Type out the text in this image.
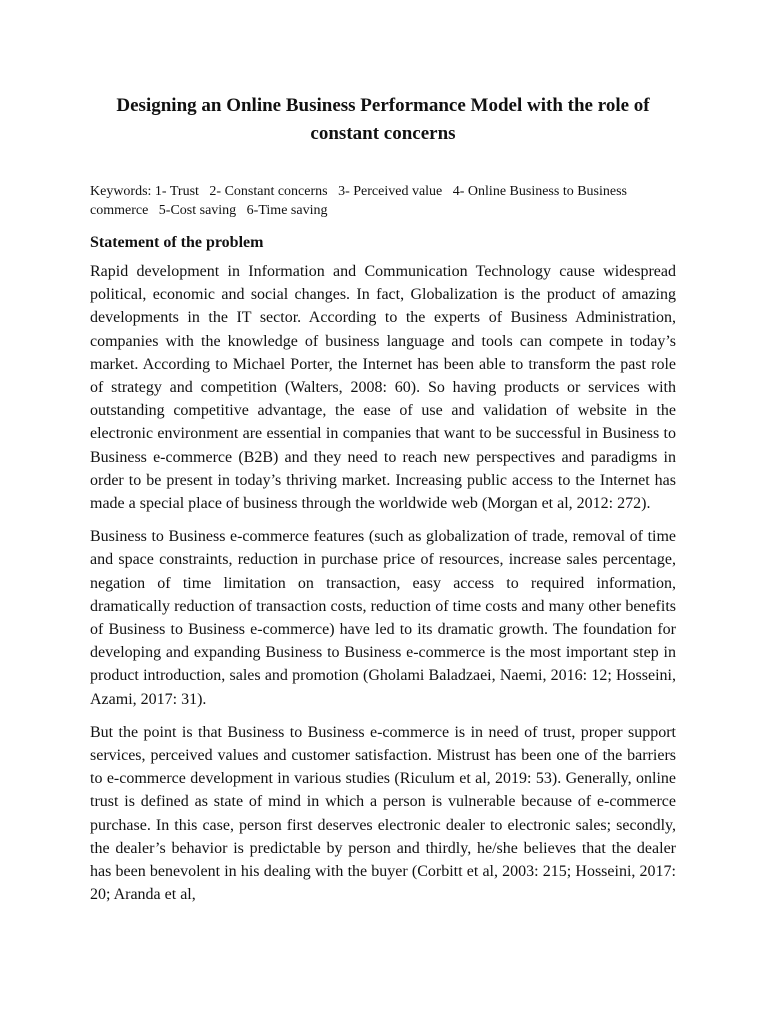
Designing an Online Business Performance Model with the role of constant concerns

Keywords: 1- Trust   2- Constant concerns   3- Perceived value   4- Online Business to Business commerce   5-Cost saving   6-Time saving

Statement of the problem

Rapid development in Information and Communication Technology cause widespread political, economic and social changes. In fact, Globalization is the product of amazing developments in the IT sector. According to the experts of Business Administration, companies with the knowledge of business language and tools can compete in today’s market. According to Michael Porter, the Internet has been able to transform the past role of strategy and competition (Walters, 2008: 60). So having products or services with outstanding competitive advantage, the ease of use and validation of website in the electronic environment are essential in companies that want to be successful in Business to Business e-commerce (B2B) and they need to reach new perspectives and paradigms in order to be present in today’s thriving market. Increasing public access to the Internet has made a special place of business through the worldwide web (Morgan et al, 2012: 272).

Business to Business e-commerce features (such as globalization of trade, removal of time and space constraints, reduction in purchase price of resources, increase sales percentage, negation of time limitation on transaction, easy access to required information, dramatically reduction of transaction costs, reduction of time costs and many other benefits of Business to Business e-commerce) have led to its dramatic growth. The foundation for developing and expanding Business to Business e-commerce is the most important step in product introduction, sales and promotion (Gholami Baladzaei, Naemi, 2016: 12; Hosseini, Azami, 2017: 31).

But the point is that Business to Business e-commerce is in need of trust, proper support services, perceived values and customer satisfaction. Mistrust has been one of the barriers to e-commerce development in various studies (Riculum et al, 2019: 53). Generally, online trust is defined as state of mind in which a person is vulnerable because of e-commerce purchase. In this case, person first deserves electronic dealer to electronic sales; secondly, the dealer’s behavior is predictable by person and thirdly, he/she believes that the dealer has been benevolent in his dealing with the buyer (Corbitt et al, 2003: 215; Hosseini, 2017: 20; Aranda et al,
